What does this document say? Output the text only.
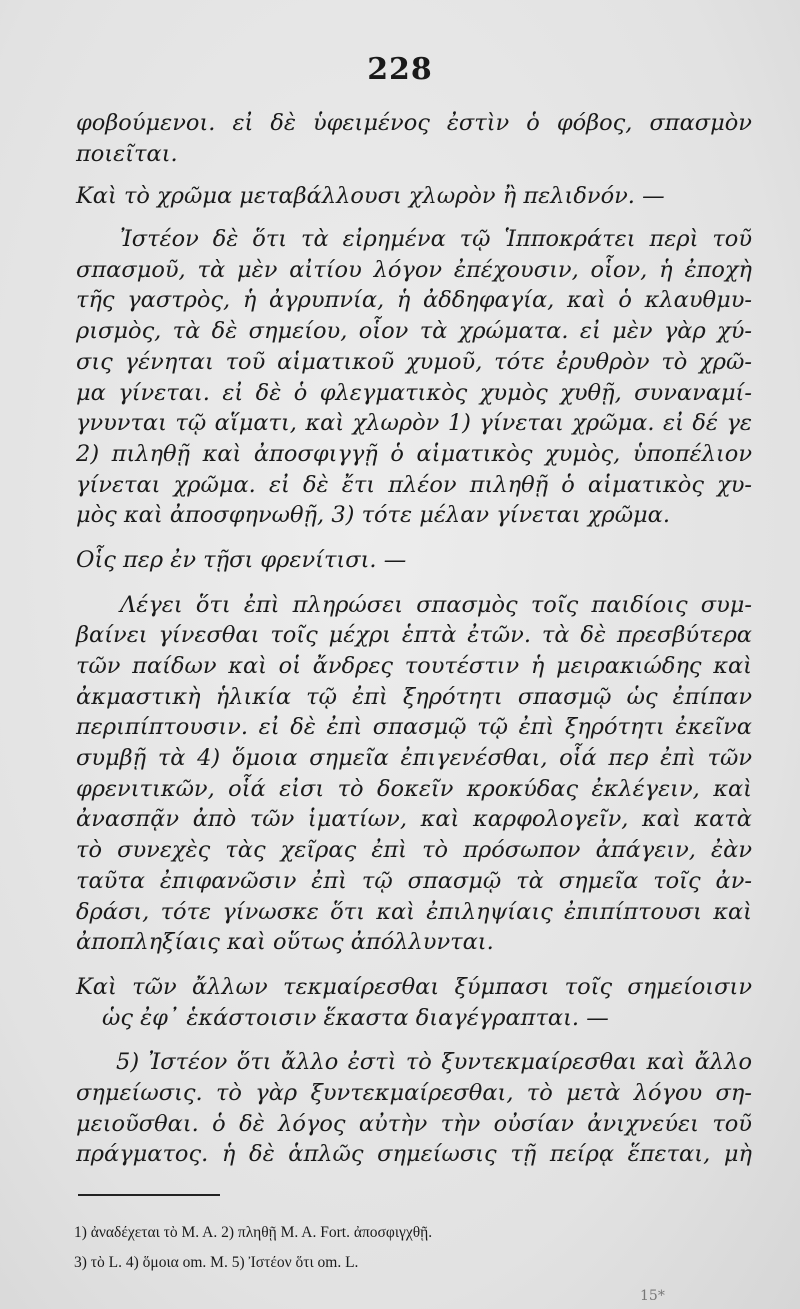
228
φοβούμενοι. εἰ δὲ ὑφειμένος ἐστὶν ὁ φόβος, σπασμὸν
ποιεῖται.
Καὶ τὸ χρῶμα μεταβάλλουσι χλωρὸν ἢ πελιδνόν. —
Ἰστέον δὲ ὅτι τὰ εἰρημένα τῷ Ἱπποκράτει περὶ τοῦ
σπασμοῦ, τὰ μὲν αἰτίου λόγον ἐπέχουσιν, οἷον, ἡ ἐποχὴ
τῆς γαστρὸς, ἡ ἀγρυπνία, ἡ ἀδδηφαγία, καὶ ὁ κλαυθμυ-
ρισμὸς, τὰ δὲ σημείου, οἷον τὰ χρώματα. εἰ μὲν γὰρ χύ-
σις γένηται τοῦ αἱματικοῦ χυμοῦ, τότε ἐρυθρὸν τὸ χρῶ-
μα γίνεται. εἰ δὲ ὁ φλεγματικὸς χυμὸς χυθῇ, συναναμί-
γνυνται τῷ αἵματι, καὶ χλωρὸν 1) γίνεται χρῶμα. εἰ δέ γε
2) πιληθῇ καὶ ἀποσφιγγῇ ὁ αἱματικὸς χυμὸς, ὑποπέλιον
γίνεται χρῶμα. εἰ δὲ ἔτι πλέον πιληθῇ ὁ αἱματικὸς χυ-
μὸς καὶ ἀποσφηνωθῇ, 3) τότε μέλαν γίνεται χρῶμα.
Οἷς περ ἐν τῇσι φρενίτισι. —
Λέγει ὅτι ἐπὶ πληρώσει σπασμὸς τοῖς παιδίοις συμ-
βαίνει γίνεσθαι τοῖς μέχρι ἑπτὰ ἐτῶν. τὰ δὲ πρεσβύτερα
τῶν παίδων καὶ οἱ ἄνδρες τουτέστιν ἡ μειρακιώδης καὶ
ἀκμαστικὴ ἡλικία τῷ ἐπὶ ξηρότητι σπασμῷ ὡς ἐπίπαν
περιπίπτουσιν. εἰ δὲ ἐπὶ σπασμῷ τῷ ἐπὶ ξηρότητι ἐκεῖνα
συμβῇ τὰ 4) ὅμοια σημεῖα ἐπιγενέσθαι, οἷά περ ἐπὶ τῶν
φρενιτικῶν, οἷά εἰσι τὸ δοκεῖν κροκύδας ἐκλέγειν, καὶ
ἀνασπᾷν ἀπὸ τῶν ἱματίων, καὶ καρφολογεῖν, καὶ κατὰ
τὸ συνεχὲς τὰς χεῖρας ἐπὶ τὸ πρόσωπον ἀπάγειν, ἐὰν
ταῦτα ἐπιφανῶσιν ἐπὶ τῷ σπασμῷ τὰ σημεῖα τοῖς ἀν-
δράσι, τότε γίνωσκε ὅτι καὶ ἐπιληψίαις ἐπιπίπτουσι καὶ
ἀποπληξίαις καὶ οὕτως ἀπόλλυνται.
Καὶ τῶν ἄλλων τεκμαίρεσθαι ξύμπασι τοῖς σημείοισιν
ὡς ἐφ᾽ ἑκάστοισιν ἕκαστα διαγέγραπται. —
5) Ἰστέον ὅτι ἄλλο ἐστὶ τὸ ξυντεκμαίρεσθαι καὶ ἄλλο
σημείωσις. τὸ γὰρ ξυντεκμαίρεσθαι, τὸ μετὰ λόγου ση-
μειοῦσθαι. ὁ δὲ λόγος αὐτὴν τὴν οὐσίαν ἀνιχνεύει τοῦ
πράγματος. ἡ δὲ ἁπλῶς σημείωσις τῇ πείρᾳ ἕπεται, μὴ
1) ἀναδέχεται τὸ M. A. 2) πληθῇ M. A. Fort. ἀποσφιγχθῇ.
3) τὸ L. 4) ὅμοια om. M. 5) Ἰστέον ὅτι om. L.
15*
